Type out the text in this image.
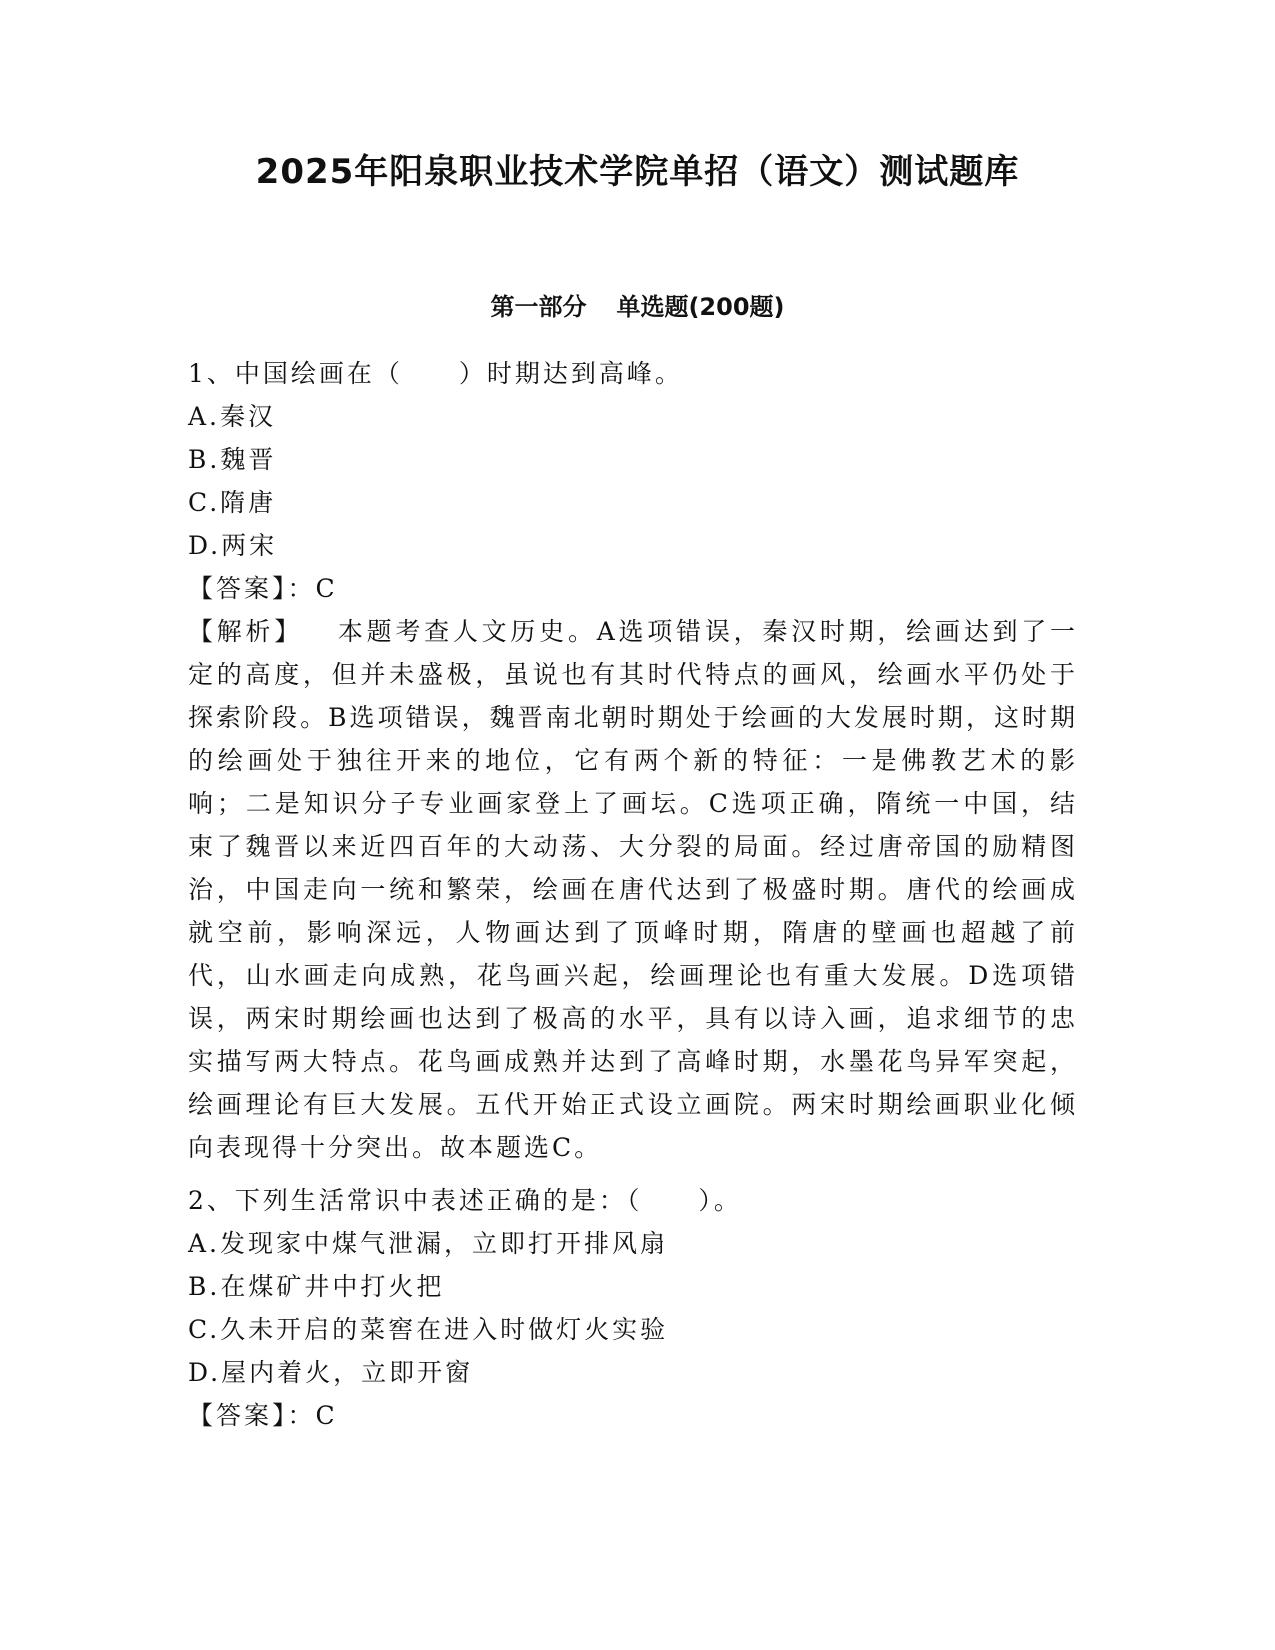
2025年阳泉职业技术学院单招（语文）测试题库
第一部分 单选题(200题)
1、中国绘画在（　　）时期达到高峰。
A.秦汉
B.魏晋
C.隋唐
D.两宋
【答案】：C
【解析】 本题考查人文历史。A选项错误，秦汉时期，绘画达到了一定的高度，但并未盛极，虽说也有其时代特点的画风，绘画水平仍处于探索阶段。B选项错误，魏晋南北朝时期处于绘画的大发展时期，这时期的绘画处于独往开来的地位，它有两个新的特征：一是佛教艺术的影响；二是知识分子专业画家登上了画坛。C选项正确，隋统一中国，结束了魏晋以来近四百年的大动荡、大分裂的局面。经过唐帝国的励精图治，中国走向一统和繁荣，绘画在唐代达到了极盛时期。唐代的绘画成就空前，影响深远，人物画达到了顶峰时期，隋唐的壁画也超越了前代，山水画走向成熟，花鸟画兴起，绘画理论也有重大发展。D选项错误，两宋时期绘画也达到了极高的水平，具有以诗入画，追求细节的忠实描写两大特点。花鸟画成熟并达到了高峰时期，水墨花鸟异军突起，绘画理论有巨大发展。五代开始正式设立画院。两宋时期绘画职业化倾向表现得十分突出。故本题选C。
2、下列生活常识中表述正确的是：（　　）。
A.发现家中煤气泄漏，立即打开排风扇
B.在煤矿井中打火把
C.久未开启的菜窖在进入时做灯火实验
D.屋内着火，立即开窗
【答案】：C
